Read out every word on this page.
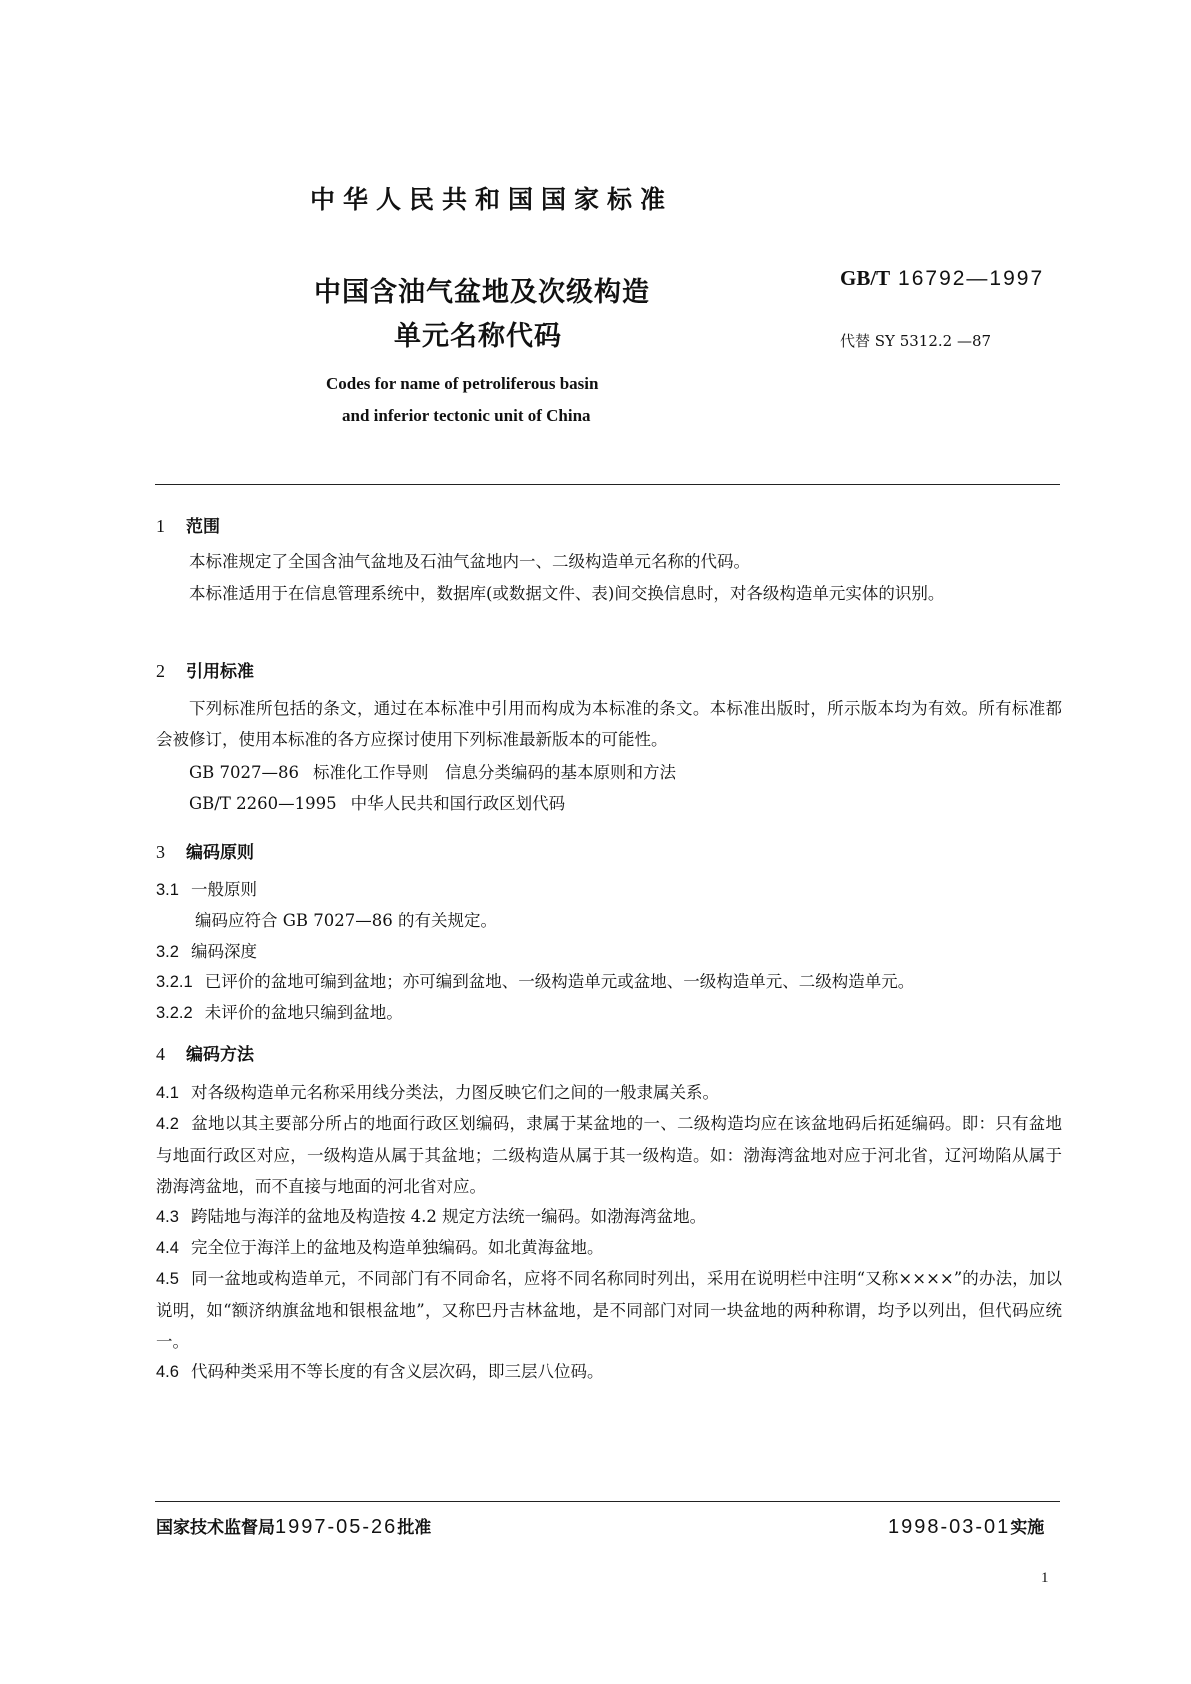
中华人民共和国国家标准
中国含油气盆地及次级构造
单元名称代码
GB/T 16792—1997
代替 SY 5312.2 —87
Codes for name of petroliferous basin
and inferior tectonic unit of China
1 范围
本标准规定了全国含油气盆地及石油气盆地内一、二级构造单元名称的代码。
本标准适用于在信息管理系统中，数据库(或数据文件、表)间交换信息时，对各级构造单元实体的识别。
2 引用标准
下列标准所包括的条文，通过在本标准中引用而构成为本标准的条文。本标准出版时，所示版本均为有效。所有标准都会被修订，使用本标准的各方应探讨使用下列标准最新版本的可能性。
GB 7027—86 标准化工作导则　信息分类编码的基本原则和方法
GB/T 2260—1995 中华人民共和国行政区划代码
3 编码原则
3.1 一般原则
编码应符合 GB 7027—86 的有关规定。
3.2 编码深度
3.2.1 已评价的盆地可编到盆地；亦可编到盆地、一级构造单元或盆地、一级构造单元、二级构造单元。
3.2.2 未评价的盆地只编到盆地。
4 编码方法
4.1 对各级构造单元名称采用线分类法，力图反映它们之间的一般隶属关系。
4.2 盆地以其主要部分所占的地面行政区划编码，隶属于某盆地的一、二级构造均应在该盆地码后拓延编码。即：只有盆地与地面行政区对应，一级构造从属于其盆地；二级构造从属于其一级构造。如：渤海湾盆地对应于河北省，辽河坳陷从属于渤海湾盆地，而不直接与地面的河北省对应。
4.3 跨陆地与海洋的盆地及构造按 4.2 规定方法统一编码。如渤海湾盆地。
4.4 完全位于海洋上的盆地及构造单独编码。如北黄海盆地。
4.5 同一盆地或构造单元，不同部门有不同命名，应将不同名称同时列出，采用在说明栏中注明“又称××××”的办法，加以说明，如“额济纳旗盆地和银根盆地”，又称巴丹吉林盆地，是不同部门对同一块盆地的两种称谓，均予以列出，但代码应统一。
4.6 代码种类采用不等长度的有含义层次码，即三层八位码。
国家技术监督局1997-05-26批准	1998-03-01实施
1
